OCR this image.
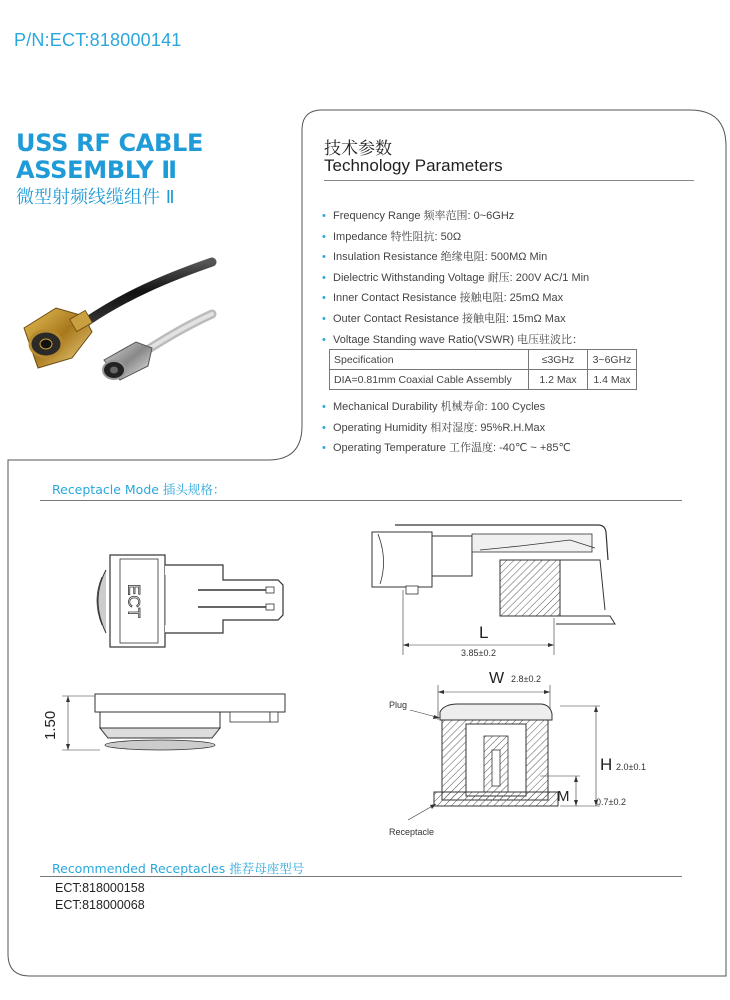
P/N:ECT:818000141
USS RF CABLE
ASSEMBLY Ⅱ
微型射频线缆组件 Ⅱ
技术参数
Technology Parameters
• Frequency Range 频率范围: 0~6GHz
• Impedance 特性阻抗: 50Ω
• Insulation Resistance 绝缘电阻: 500MΩ Min
• Dielectric Withstanding Voltage 耐压: 200V AC/1 Min
• Inner Contact Resistance 接触电阻: 25mΩ Max
• Outer Contact Resistance 接触电阻: 15mΩ Max
• Voltage Standing wave Ratio(VSWR) 电压驻波比：
Specification	≤3GHz	3~6GHz
DIA=0.81mm Coaxial Cable Assembly	1.2 Max	1.4 Max
• Mechanical Durability 机械寿命: 100 Cycles
• Operating Humidity 相对湿度: 95%R.H.Max
• Operating Temperature 工作温度: -40℃ ~ +85℃
Receptacle Mode 插头规格：
ECT
1.50
L
3.85±0.2
W 2.8±0.2
H 2.0±0.1
M	0.7±0.2
Plug
Receptacle
Recommended Receptacles 推荐母座型号
ECT:818000158
ECT:818000068
